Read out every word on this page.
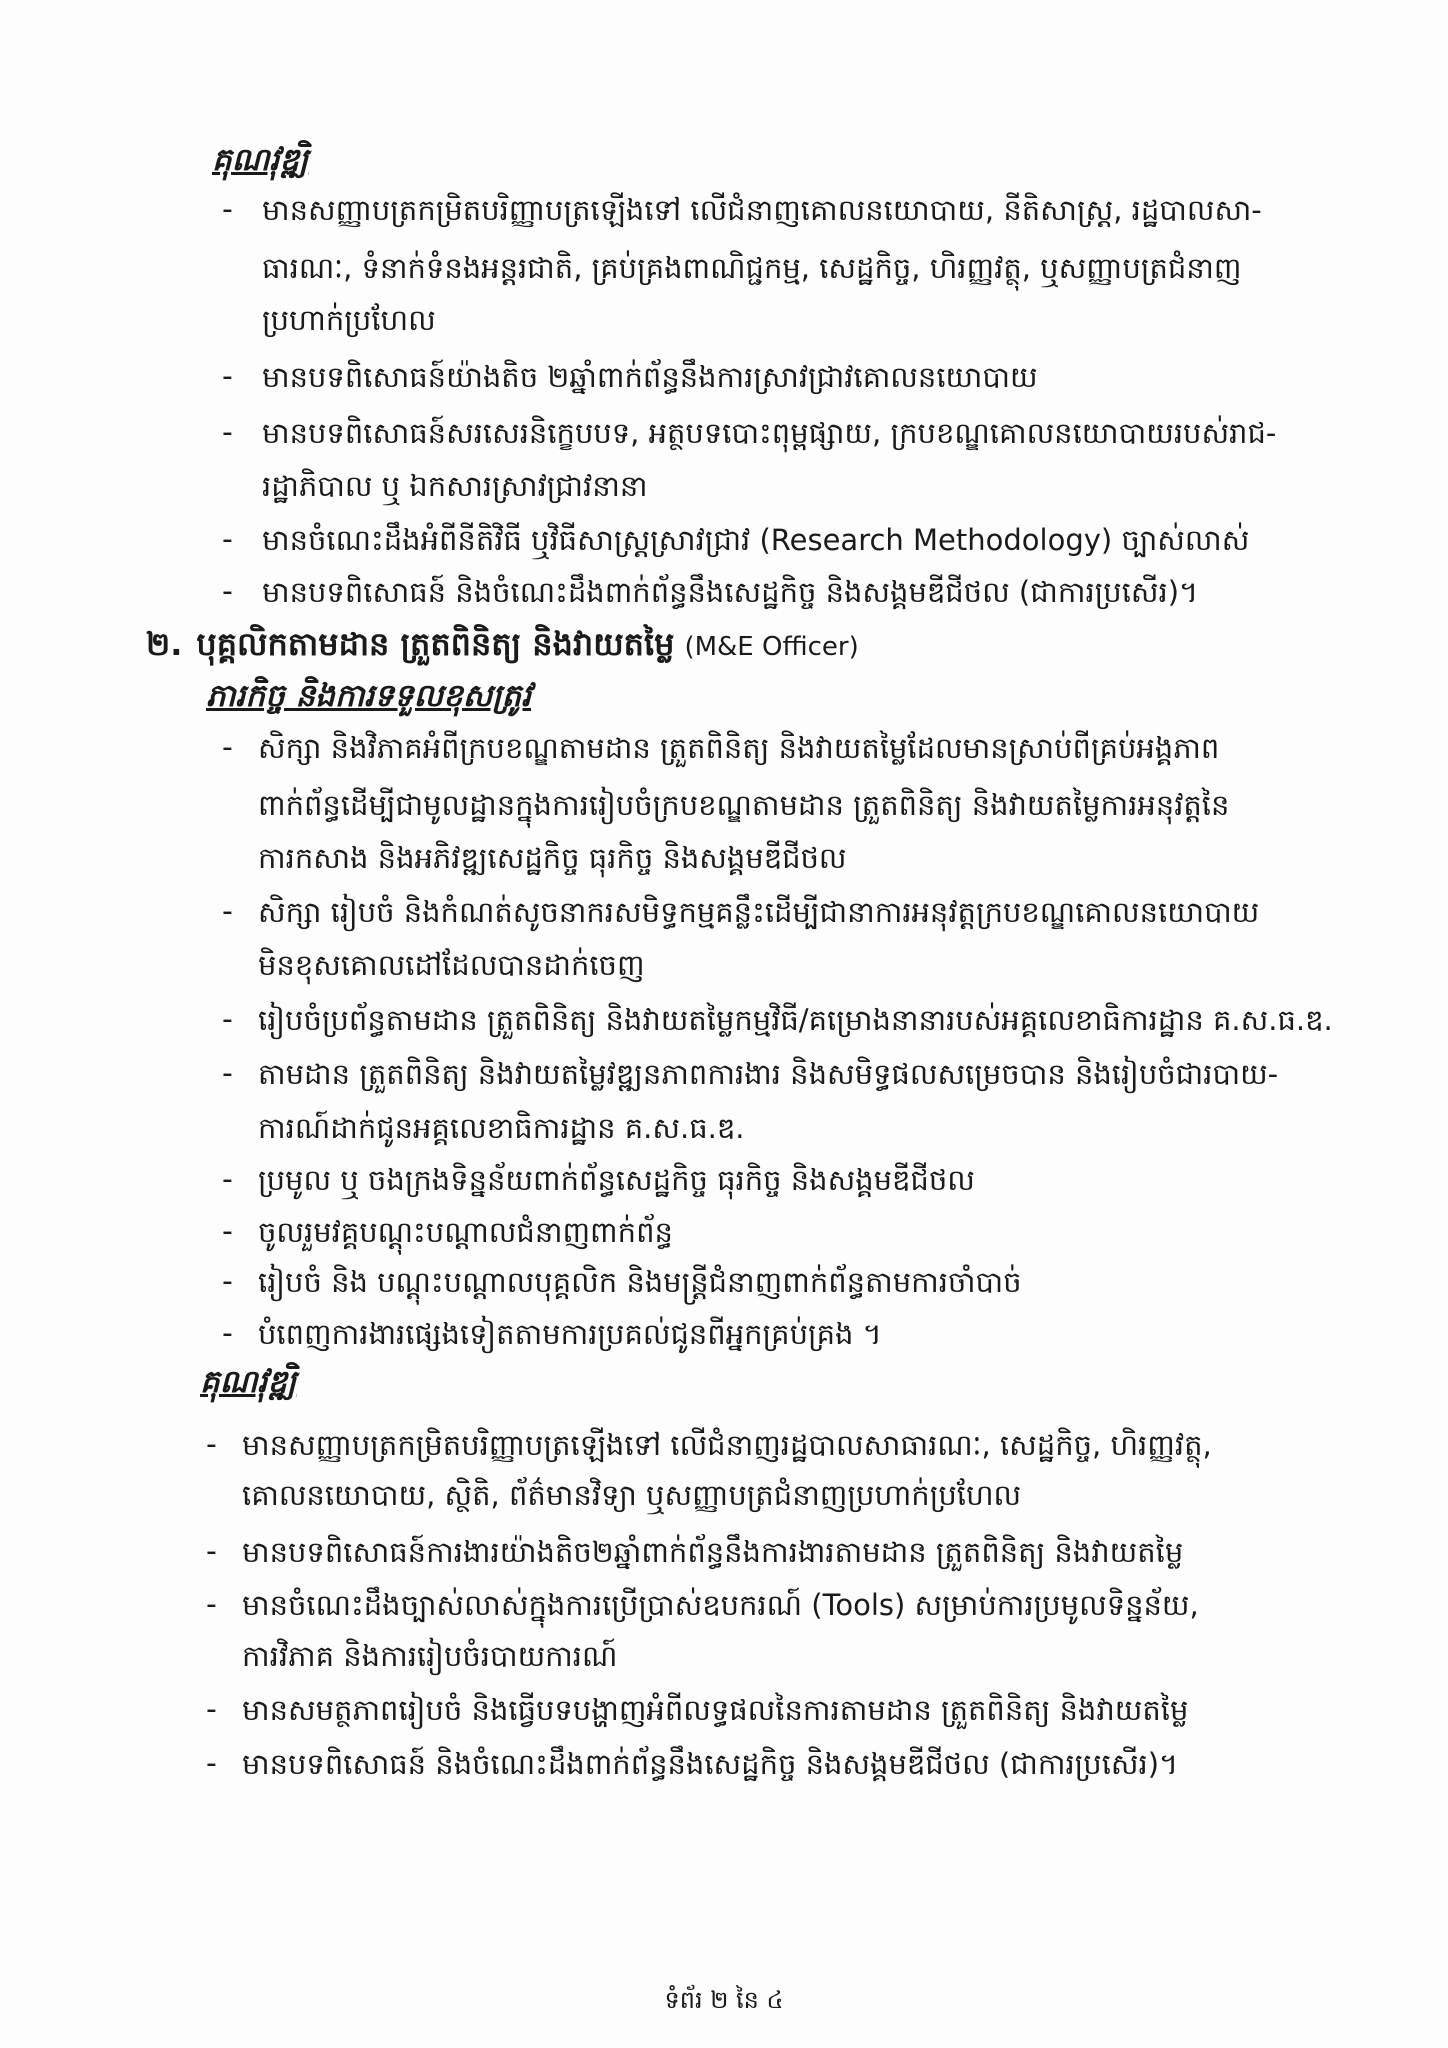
គុណវុឌ្ឍិ
- មានសញ្ញាបត្រកម្រិតបរិញ្ញាបត្រឡើងទៅ លើជំនាញគោលនយោបាយ, នីតិសាស្ត្រ, រដ្ឋបាលសា-
ធារណៈ, ទំនាក់ទំនងអន្តរជាតិ, គ្រប់គ្រងពាណិជ្ជកម្ម, សេដ្ឋកិច្ច, ហិរញ្ញវត្ថុ, ឬសញ្ញាបត្រជំនាញ
ប្រហាក់ប្រហែល
- មានបទពិសោធន៍យ៉ាងតិច ២ឆ្នាំពាក់ព័ន្ធនឹងការស្រាវជ្រាវគោលនយោបាយ
- មានបទពិសោធន៍សរសេរនិក្ខេបបទ, អត្ថបទបោះពុម្ពផ្សាយ, ក្របខណ្ឌគោលនយោបាយរបស់រាជ-
រដ្ឋាភិបាល ឬ ឯកសារស្រាវជ្រាវនានា
- មានចំណេះដឹងអំពីនីតិវិធី ឬវិធីសាស្ត្រស្រាវជ្រាវ (Research Methodology) ច្បាស់លាស់
- មានបទពិសោធន៍ និងចំណេះដឹងពាក់ព័ន្ធនឹងសេដ្ឋកិច្ច និងសង្គមឌីជីថល (ជាការប្រសើរ)។
២. បុគ្គលិកតាមដាន ត្រួតពិនិត្យ និងវាយតម្លៃ (M&E Officer)
ភារកិច្ច និងការទទួលខុសត្រូវ
- សិក្សា និងវិភាគអំពីក្របខណ្ឌតាមដាន ត្រួតពិនិត្យ និងវាយតម្លៃដែលមានស្រាប់ពីគ្រប់អង្គភាព
ពាក់ព័ន្ធដើម្បីជាមូលដ្ឋានក្នុងការរៀបចំក្របខណ្ឌតាមដាន ត្រួតពិនិត្យ និងវាយតម្លៃការអនុវត្តនៃ
ការកសាង និងអភិវឌ្ឍសេដ្ឋកិច្ច ធុរកិច្ច និងសង្គមឌីជីថល
- សិក្សា រៀបចំ និងកំណត់សូចនាករសមិទ្ធកម្មគន្លឹះដើម្បីជានាការអនុវត្តក្របខណ្ឌគោលនយោបាយ
មិនខុសគោលដៅដែលបានដាក់ចេញ
- រៀបចំប្រព័ន្ធតាមដាន ត្រួតពិនិត្យ និងវាយតម្លៃកម្មវិធី/គម្រោងនានារបស់អគ្គលេខាធិការដ្ឋាន គ.ស.ធ.ឌ.
- តាមដាន ត្រួតពិនិត្យ និងវាយតម្លៃវឌ្ឍនភាពការងារ និងសមិទ្ធផលសម្រេចបាន និងរៀបចំជារបាយ-
ការណ៍ដាក់ជូនអគ្គលេខាធិការដ្ឋាន គ.ស.ធ.ឌ.
- ប្រមូល ឬ ចងក្រងទិន្នន័យពាក់ព័ន្ធសេដ្ឋកិច្ច ធុរកិច្ច និងសង្គមឌីជីថល
- ចូលរួមវគ្គបណ្តុះបណ្តាលជំនាញពាក់ព័ន្ធ
- រៀបចំ និង បណ្តុះបណ្តាលបុគ្គលិក និងមន្ត្រីជំនាញពាក់ព័ន្ធតាមការចាំបាច់
- បំពេញការងារផ្សេងទៀតតាមការប្រគល់ជូនពីអ្នកគ្រប់គ្រង ។
គុណវុឌ្ឍិ
- មានសញ្ញាបត្រកម្រិតបរិញ្ញាបត្រឡើងទៅ លើជំនាញរដ្ឋបាលសាធារណៈ, សេដ្ឋកិច្ច, ហិរញ្ញវត្ថុ,
គោលនយោបាយ, ស្ថិតិ, ព័ត៌មានវិទ្យា ឬសញ្ញាបត្រជំនាញប្រហាក់ប្រហែល
- មានបទពិសោធន៍ការងារយ៉ាងតិច២ឆ្នាំពាក់ព័ន្ធនឹងការងារតាមដាន ត្រួតពិនិត្យ និងវាយតម្លៃ
- មានចំណេះដឹងច្បាស់លាស់ក្នុងការប្រើប្រាស់ឧបករណ៍ (Tools) សម្រាប់ការប្រមូលទិន្នន័យ,
ការវិភាគ និងការរៀបចំរបាយការណ៍
- មានសមត្ថភាពរៀបចំ និងធ្វើបទបង្ហាញអំពីលទ្ធផលនៃការតាមដាន ត្រួតពិនិត្យ និងវាយតម្លៃ
- មានបទពិសោធន៍ និងចំណេះដឹងពាក់ព័ន្ធនឹងសេដ្ឋកិច្ច និងសង្គមឌីជីថល (ជាការប្រសើរ)។
ទំព័រ ២ នៃ ៤
